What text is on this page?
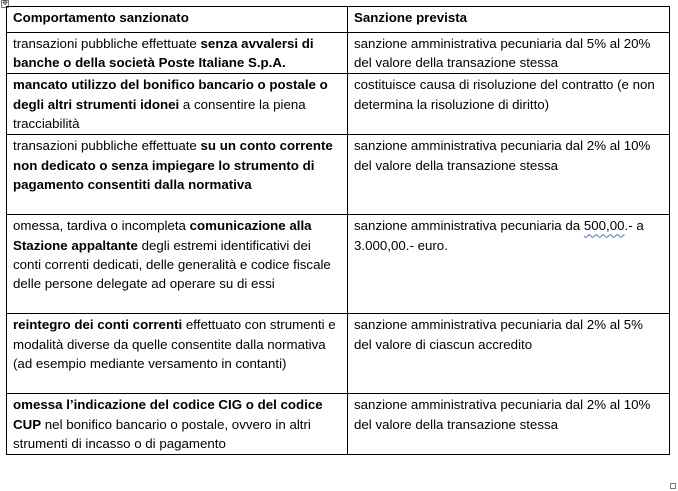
✥
Comportamento sanzionato	Sanzione prevista
transazioni pubbliche effettuate senza avvalersi di banche o della società Poste Italiane S.p.A.	sanzione amministrativa pecuniaria dal 5% al 20% del valore della transazione stessa
mancato utilizzo del bonifico bancario o postale o degli altri strumenti idonei a consentire la piena tracciabilità	costituisce causa di risoluzione del contratto (e non determina la risoluzione di diritto)
transazioni pubbliche effettuate su un conto corrente non dedicato o senza impiegare lo strumento di pagamento consentiti dalla normativa	sanzione amministrativa pecuniaria dal 2% al 10% del valore della transazione stessa
omessa, tardiva o incompleta comunicazione alla Stazione appaltante degli estremi identificativi dei conti correnti dedicati, delle generalità e codice fiscale delle persone delegate ad operare su di essi	sanzione amministrativa pecuniaria da 500,00.- a 3.000,00.- euro.
reintegro dei conti correnti effettuato con strumenti e modalità diverse da quelle consentite dalla normativa (ad esempio mediante versamento in contanti)	sanzione amministrativa pecuniaria dal 2% al 5% del valore di ciascun accredito
omessa l’indicazione del codice CIG o del codice CUP nel bonifico bancario o postale, ovvero in altri strumenti di incasso o di pagamento	sanzione amministrativa pecuniaria dal 2% al 10% del valore della transazione stessa
